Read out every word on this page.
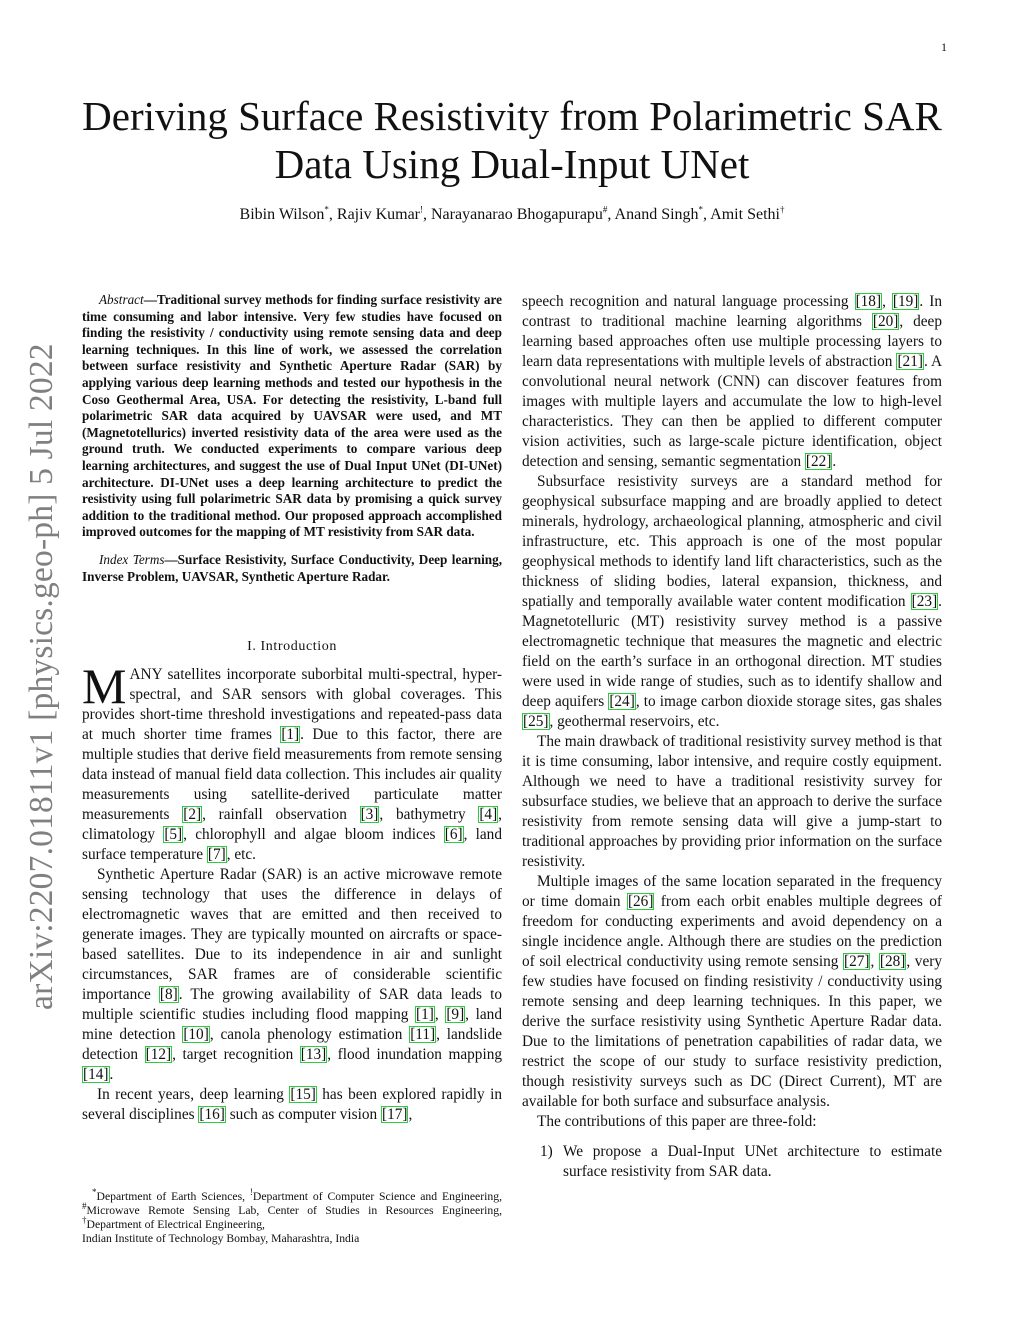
1
arXiv:2207.01811v1 [physics.geo-ph] 5 Jul 2022
Deriving Surface Resistivity from Polarimetric SAR Data Using Dual-Input UNet
Bibin Wilson*, Rajiv Kumar!, Narayanarao Bhogapurapu#, Anand Singh*, Amit Sethi†

Abstract—Traditional survey methods for finding surface resistivity are time consuming and labor intensive. Very few studies have focused on finding the resistivity / conductivity using remote sensing data and deep learning techniques. In this line of work, we assessed the correlation between surface resistivity and Synthetic Aperture Radar (SAR) by applying various deep learning methods and tested our hypothesis in the Coso Geothermal Area, USA. For detecting the resistivity, L-band full polarimetric SAR data acquired by UAVSAR were used, and MT (Magnetotellurics) inverted resistivity data of the area were used as the ground truth. We conducted experiments to compare various deep learning architectures, and suggest the use of Dual Input UNet (DI-UNet) architecture. DI-UNet uses a deep learning architecture to predict the resistivity using full polarimetric SAR data by promising a quick survey addition to the traditional method. Our proposed approach accomplished improved outcomes for the mapping of MT resistivity from SAR data.

Index Terms—Surface Resistivity, Surface Conductivity, Deep learning, Inverse Problem, UAVSAR, Synthetic Aperture Radar.

I. Introduction

MANY satellites incorporate suborbital multi-spectral, hyper-spectral, and SAR sensors with global coverages. This provides short-time threshold investigations and repeated-pass data at much shorter time frames [1]. Due to this factor, there are multiple studies that derive field measurements from remote sensing data instead of manual field data collection. This includes air quality measurements using satellite-derived particulate matter measurements [2], rainfall observation [3], bathymetry [4], climatology [5], chlorophyll and algae bloom indices [6], land surface temperature [7], etc.

Synthetic Aperture Radar (SAR) is an active microwave remote sensing technology that uses the difference in delays of electromagnetic waves that are emitted and then received to generate images. They are typically mounted on aircrafts or space-based satellites. Due to its independence in air and sunlight circumstances, SAR frames are of considerable scientific importance [8]. The growing availability of SAR data leads to multiple scientific studies including flood mapping [1], [9], land mine detection [10], canola phenology estimation [11], landslide detection [12], target recognition [13], flood inundation mapping [14].

In recent years, deep learning [15] has been explored rapidly in several disciplines [16] such as computer vision [17],

*Department of Earth Sciences, !Department of Computer Science and Engineering, #Microwave Remote Sensing Lab, Center of Studies in Resources Engineering, †Department of Electrical Engineering,
Indian Institute of Technology Bombay, Maharashtra, India

speech recognition and natural language processing [18], [19]. In contrast to traditional machine learning algorithms [20], deep learning based approaches often use multiple processing layers to learn data representations with multiple levels of abstraction [21]. A convolutional neural network (CNN) can discover features from images with multiple layers and accumulate the low to high-level characteristics. They can then be applied to different computer vision activities, such as large-scale picture identification, object detection and sensing, semantic segmentation [22].

Subsurface resistivity surveys are a standard method for geophysical subsurface mapping and are broadly applied to detect minerals, hydrology, archaeological planning, atmospheric and civil infrastructure, etc. This approach is one of the most popular geophysical methods to identify land lift characteristics, such as the thickness of sliding bodies, lateral expansion, thickness, and spatially and temporally available water content modification [23]. Magnetotelluric (MT) resistivity survey method is a passive electromagnetic technique that measures the magnetic and electric field on the earth’s surface in an orthogonal direction. MT studies were used in wide range of studies, such as to identify shallow and deep aquifers [24], to image carbon dioxide storage sites, gas shales [25], geothermal reservoirs, etc.

The main drawback of traditional resistivity survey method is that it is time consuming, labor intensive, and require costly equipment. Although we need to have a traditional resistivity survey for subsurface studies, we believe that an approach to derive the surface resistivity from remote sensing data will give a jump-start to traditional approaches by providing prior information on the surface resistivity.

Multiple images of the same location separated in the frequency or time domain [26] from each orbit enables multiple degrees of freedom for conducting experiments and avoid dependency on a single incidence angle. Although there are studies on the prediction of soil electrical conductivity using remote sensing [27], [28], very few studies have focused on finding resistivity / conductivity using remote sensing and deep learning techniques. In this paper, we derive the surface resistivity using Synthetic Aperture Radar data. Due to the limitations of penetration capabilities of radar data, we restrict the scope of our study to surface resistivity prediction, though resistivity surveys such as DC (Direct Current), MT are available for both surface and subsurface analysis.

The contributions of this paper are three-fold:

1) We propose a Dual-Input UNet architecture to estimate surface resistivity from SAR data.
